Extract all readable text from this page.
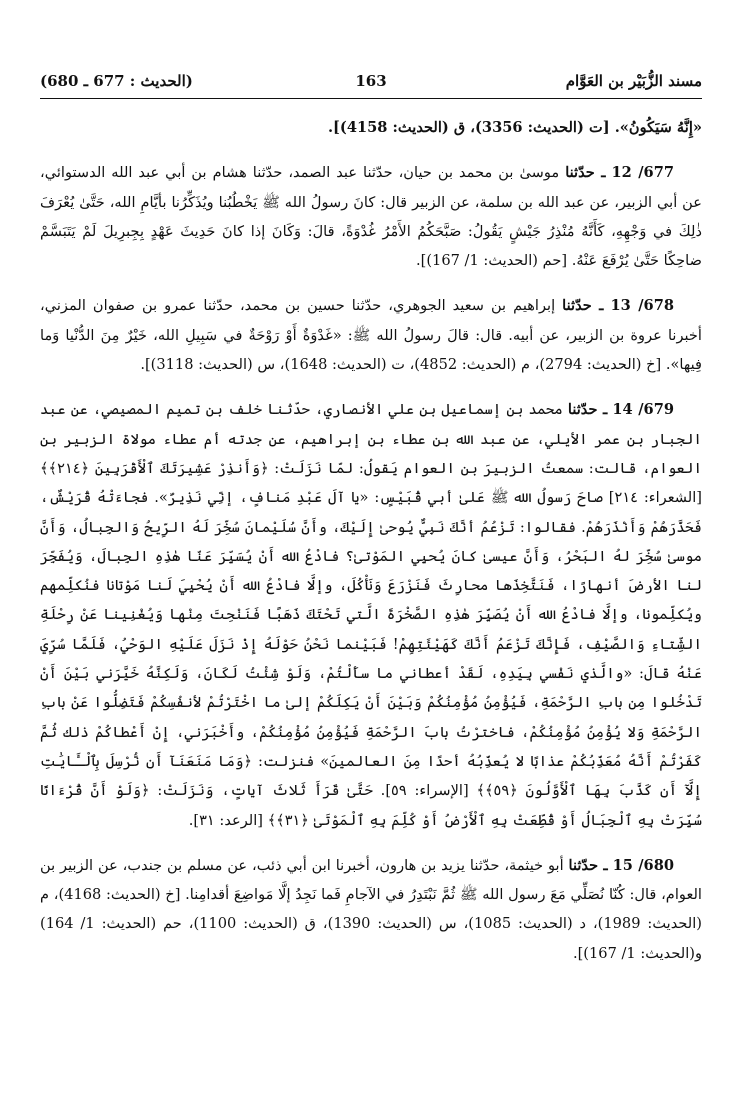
مسند الزُّبَيْر بن العَوَّام
163
(الحديث : 677 ـ 680)

«إِنَّهُ سَيَكُونُ». [ت (الحديث: 3356)، ق (الحديث: 4158)].

677/ 12 ـ حدّثنا موسىٰ بن محمد بن حيان، حدّثنا عبد الصمد، حدّثنا هشام بن أبي عبد الله الدستوائي، عن أبي الزبير، عن عبد الله بن سلمة، عن الزبير قال: كانَ رسولُ الله ﷺ يَخْطُبُنا ويُذَكِّرُنا بأيَّامِ الله، حَتَّىٰ يُعْرَفَ ذٰلِكَ في وَجْهِهِ، كَأَنَّهُ مُنْذِرُ جَيْشٍ يَقُولُ: صَبَّحَكُمُ الأَمْرُ غُدْوَةً، قالَ: وَكَانَ إذا كانَ حَدِيثَ عَهْدٍ بِجِبرِيلَ لَمْ يَتَبَسَّمْ ضاحِكًا حَتَّىٰ يُرْفَعَ عَنْهُ. [حم (الحديث: 1/ 167)].

678/ 13 ـ حدّثنا إبراهيم بن سعيد الجوهري، حدّثنا حسين بن محمد، حدّثنا عمرو بن صفوان المزني، أخبرنا عروة بن الزبير، عن أبيه. قال: قالَ رسولُ الله ﷺ: «غَدْوَةٌ أَوْ رَوْحَةٌ في سَبِيلِ الله، خَيْرٌ مِنَ الدُّنْيا وَما فِيها». [خ (الحديث: 2794)، م (الحديث: 4852)، ت (الحديث: 1648)، س (الحديث: 3118)].

679/ 14 ـ حدّثنا محمد بن إسماعيل بن علي الأنصاري، حدّثنا خلف بن تميم المصيصي، عن عبد الجبار بن عمر الأيلي، عن عبد الله بن عطاء بن إبراهيم، عن جدته أم عطاء مولاة الزبير بن العوام، قالت: سمعتُ الزبيرَ بن العوام يَقولُ: لمّا نَزَلَتْ: ﴿وَأَنذِرْ عَشِيرَتَكَ ٱلْأَقْرَبِينَ ﴿٢١٤﴾﴾ [الشعراء: ٢١٤] صاحَ رَسولُ الله ﷺ عَلىٰ أبي قُبَيْسٍ: «يا آلَ عَبْدِ مَنافٍ، إنِّي نَذِيرٌ». فجاءَتْهُ قُرَيْشٌ، فَحَذَّرَهُمْ وَأَنْذَرَهُمْ. فقالوا: تَزْعُمُ أنَّكَ نَبِيٌّ يُوحىٰ إِلَيْكَ، وأَنَّ سُلَيْمانَ سُخِّرَ لَهُ الرِّيحُ وَالجِبالُ، وَأَنَّ موسىٰ سُخِّرَ لهُ البَحْرُ، وَأَنَّ عيسىٰ كانَ يُحيِي المَوْتىٰ؟ فادْعُ الله أَنْ يُسَيِّرَ عَنّا هٰذِهِ الجِبالَ، وَيُفَجِّرَ لنا الأرضَ أنهارًا، فَنَتَّخِذَها محارِثَ فَنَزْرَعَ وَنَأْكُلَ، وإلَّا فادْعُ الله أَنْ يُحْيِيَ لَنا مَوْتانا فنُكلِّمهم ويُكلِّمونا، وإلَّا فادْعُ الله أَنْ يُصَيِّرَ هٰذِهِ الصَّخْرَةَ الَّتي تَحْتَكَ ذَهَبًا فَنَنْحِتَ مِنْها وَيُغْنِينا عَنْ رِحْلَةِ الشِّتاءِ وَالصَّيْفِ، فَإِنَّكَ تَزْعَمُ أَنَّكَ كَهَيْئَتِهِمْ! فَبَيْنما نَحْنُ حَوْلَهُ إِذْ نَزَلَ عَلَيْهِ الوَحْيُ، فَلَمَّا سُرِّيَ عَنْهُ قالَ: «والَّذي نَفْسي بِيَدِهِ، لَقَدْ أعطاني ما سأَلْتُمْ، وَلَوْ شِئْتُ لَكَانَ، وَلَكِنَّهُ خَيَّرَني بَيْنَ أَنْ تَدْخُلوا مِن بابِ الرَّحْمَةِ، فَيُؤْمِنُ مُؤْمِنُكُمْ وَبَيْنَ أَنْ يَكِلَكُمْ إلىٰ ما اخْتَرْتُمْ لأنفُسِكُمْ فَتَضِلُّوا عَنْ بابِ الرَّحْمَةِ وَلا يُؤْمِنُ مُؤْمِنُكُمْ، فاخترْتُ بابَ الرَّحْمَةِ فَيُؤْمِنُ مُؤْمِنُكُمْ، وأَخْبَرَني، إِنْ أَعْطاكُمْ ذلك ثُمَّ كَفَرْتُمْ أَنَّهُ مُعَذِّبُكُمْ عذابًا لا يُعذِّبُهُ أحدًا مِنَ العالمينَ» فنزلت: ﴿وَمَا مَنَعَنَآ أَن نُّرْسِلَ بِٱلْـَٔايَٰتِ إِلَّآ أَن كَذَّبَ بِهَا ٱلْأَوَّلُونَ ﴿٥٩﴾﴾ [الإسراء: ٥٩]. حَتَّىٰ قَرَأَ ثَلاثَ آياتٍ، وَنَزَلَتْ: ﴿وَلَوْ أَنَّ قُرْءَانًا سُيِّرَتْ بِهِ ٱلْجِبَالُ أَوْ قُطِّعَتْ بِهِ ٱلْأَرْضُ أَوْ كُلِّمَ بِهِ ٱلْمَوْتَىٰ ﴿٣١﴾﴾ [الرعد: ٣١].

680/ 15 ـ حدّثنا أبو خيثمة، حدّثنا يزيد بن هارون، أخبرنا ابن أبي ذئب، عن مسلم بن جندب، عن الزبير بن العوام، قال: كُنّا نُصَلِّي مَعَ رسول الله ﷺ ثُمَّ نَبْتَدِرُ في الآجامِ فَما نَجِدُ إلَّا مَواضِعَ أقدامِنا. [خ (الحديث: 4168)، م (الحديث: 1989)، د (الحديث: 1085)، س (الحديث: 1390)، ق (الحديث: 1100)، حم (الحديث: 1/ 164) و(الحديث: 1/ 167)].
